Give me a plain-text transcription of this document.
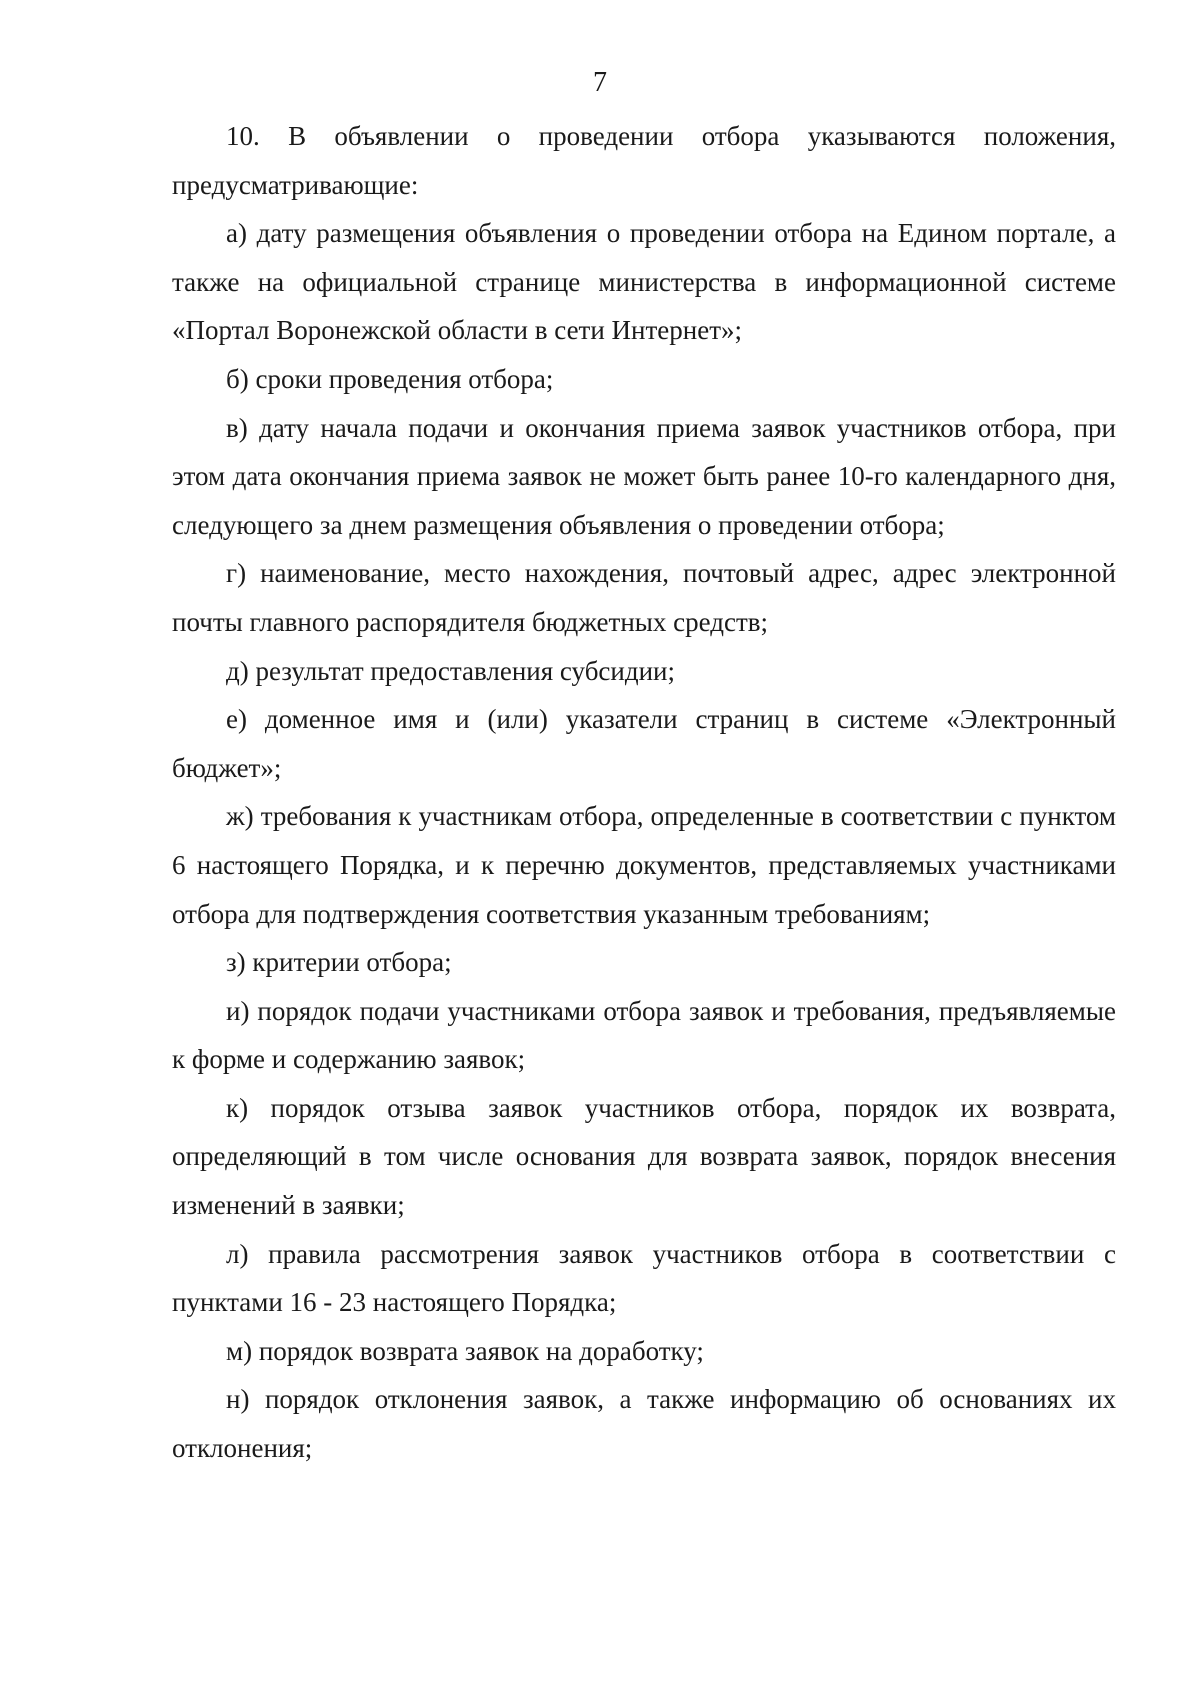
7

10. В объявлении о проведении отбора указываются положения, предусматривающие:

а) дату размещения объявления о проведении отбора на Едином портале, а также на официальной странице министерства в информационной системе «Портал Воронежской области в сети Интернет»;

б) сроки проведения отбора;

в) дату начала подачи и окончания приема заявок участников отбора, при этом дата окончания приема заявок не может быть ранее 10-го календарного дня, следующего за днем размещения объявления о проведении отбора;

г) наименование, место нахождения, почтовый адрес, адрес электронной почты главного распорядителя бюджетных средств;

д) результат предоставления субсидии;

е) доменное имя и (или) указатели страниц в системе «Электронный бюджет»;

ж) требования к участникам отбора, определенные в соответствии с пунктом 6 настоящего Порядка, и к перечню документов, представляемых участниками отбора для подтверждения соответствия указанным требованиям;

з) критерии отбора;

и) порядок подачи участниками отбора заявок и требования, предъявляемые к форме и содержанию заявок;

к) порядок отзыва заявок участников отбора, порядок их возврата, определяющий в том числе основания для возврата заявок, порядок внесения изменений в заявки;

л) правила рассмотрения заявок участников отбора в соответствии с пунктами 16 - 23 настоящего Порядка;

м) порядок возврата заявок на доработку;

н) порядок отклонения заявок, а также информацию об основаниях их отклонения;
